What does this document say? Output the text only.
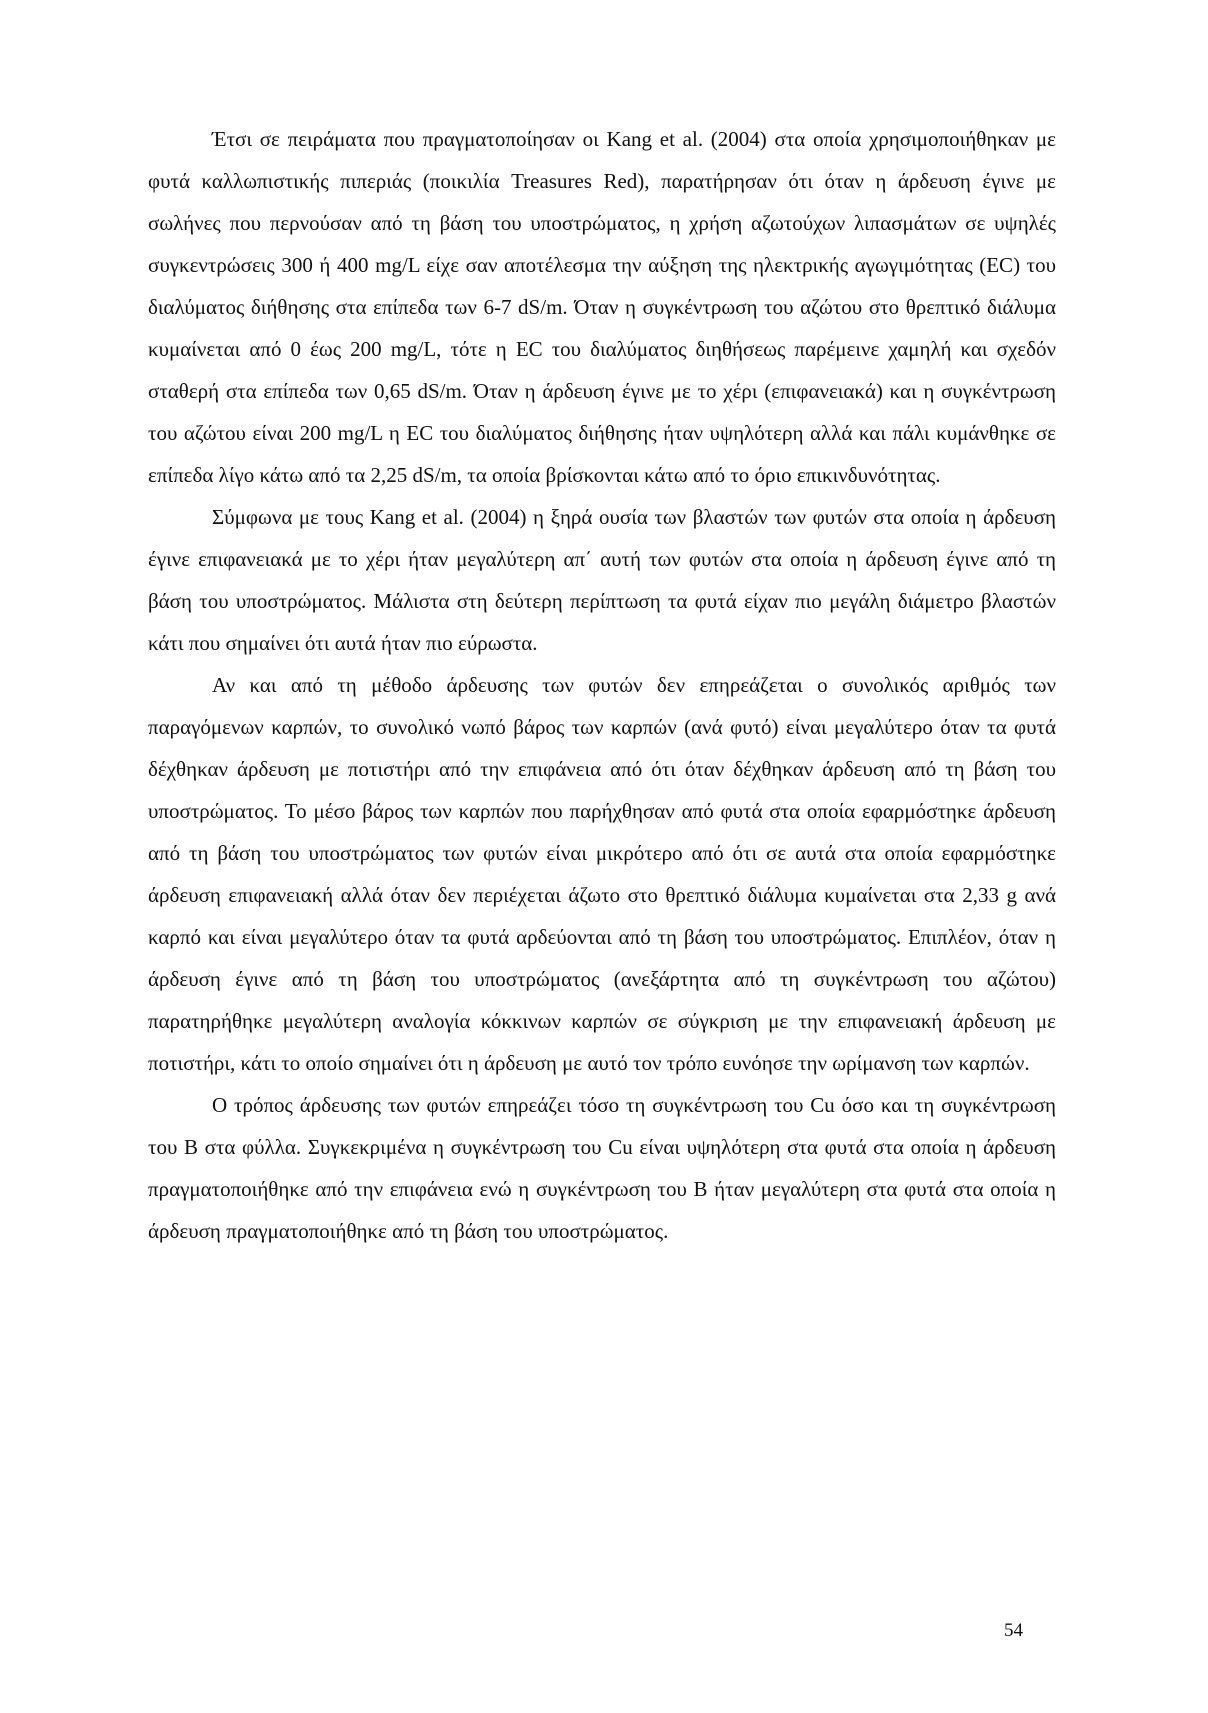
Έτσι σε πειράματα που πραγματοποίησαν οι Kang et al. (2004) στα οποία χρησιμοποιήθηκαν με φυτά καλλωπιστικής πιπεριάς (ποικιλία Treasures Red), παρατήρησαν ότι όταν η άρδευση έγινε με σωλήνες που περνούσαν από τη βάση του υποστρώματος, η χρήση αζωτούχων λιπασμάτων σε υψηλές συγκεντρώσεις 300 ή 400 mg/L είχε σαν αποτέλεσμα την αύξηση της ηλεκτρικής αγωγιμότητας (EC) του διαλύματος διήθησης στα επίπεδα των 6-7 dS/m. Όταν η συγκέντρωση του αζώτου στο θρεπτικό διάλυμα κυμαίνεται από 0 έως 200 mg/L, τότε η EC του διαλύματος διηθήσεως παρέμεινε χαμηλή και σχεδόν σταθερή στα επίπεδα των 0,65 dS/m. Όταν η άρδευση έγινε με το χέρι (επιφανειακά) και η συγκέντρωση του αζώτου είναι 200 mg/L η EC του διαλύματος διήθησης ήταν υψηλότερη αλλά και πάλι κυμάνθηκε σε επίπεδα λίγο κάτω από τα 2,25 dS/m, τα οποία βρίσκονται κάτω από το όριο επικινδυνότητας.

Σύμφωνα με τους Kang et al. (2004) η ξηρά ουσία των βλαστών των φυτών στα οποία η άρδευση έγινε επιφανειακά με το χέρι ήταν μεγαλύτερη απ΄ αυτή των φυτών στα οποία η άρδευση έγινε από τη βάση του υποστρώματος. Μάλιστα στη δεύτερη περίπτωση τα φυτά είχαν πιο μεγάλη διάμετρο βλαστών κάτι που σημαίνει ότι αυτά ήταν πιο εύρωστα.

Αν και από τη μέθοδο άρδευσης των φυτών δεν επηρεάζεται ο συνολικός αριθμός των παραγόμενων καρπών, το συνολικό νωπό βάρος των καρπών (ανά φυτό) είναι μεγαλύτερο όταν τα φυτά δέχθηκαν άρδευση με ποτιστήρι από την επιφάνεια από ότι όταν δέχθηκαν άρδευση από τη βάση του υποστρώματος. Το μέσο βάρος των καρπών που παρήχθησαν από φυτά στα οποία εφαρμόστηκε άρδευση από τη βάση του υποστρώματος των φυτών είναι μικρότερο από ότι σε αυτά στα οποία εφαρμόστηκε άρδευση επιφανειακή αλλά όταν δεν περιέχεται άζωτο στο θρεπτικό διάλυμα κυμαίνεται στα 2,33 g ανά καρπό και είναι μεγαλύτερο όταν τα φυτά αρδεύονται από τη βάση του υποστρώματος. Επιπλέον, όταν η άρδευση έγινε από τη βάση του υποστρώματος (ανεξάρτητα από τη συγκέντρωση του αζώτου) παρατηρήθηκε μεγαλύτερη αναλογία κόκκινων καρπών σε σύγκριση με την επιφανειακή άρδευση με ποτιστήρι, κάτι το οποίο σημαίνει ότι η άρδευση με αυτό τον τρόπο ευνόησε την ωρίμανση των καρπών.

Ο τρόπος άρδευσης των φυτών επηρεάζει τόσο τη συγκέντρωση του Cu όσο και τη συγκέντρωση του B στα φύλλα. Συγκεκριμένα η συγκέντρωση του Cu είναι υψηλότερη στα φυτά στα οποία η άρδευση πραγματοποιήθηκε από την επιφάνεια ενώ η συγκέντρωση του B ήταν μεγαλύτερη στα φυτά στα οποία η άρδευση πραγματοποιήθηκε από τη βάση του υποστρώματος.

54
